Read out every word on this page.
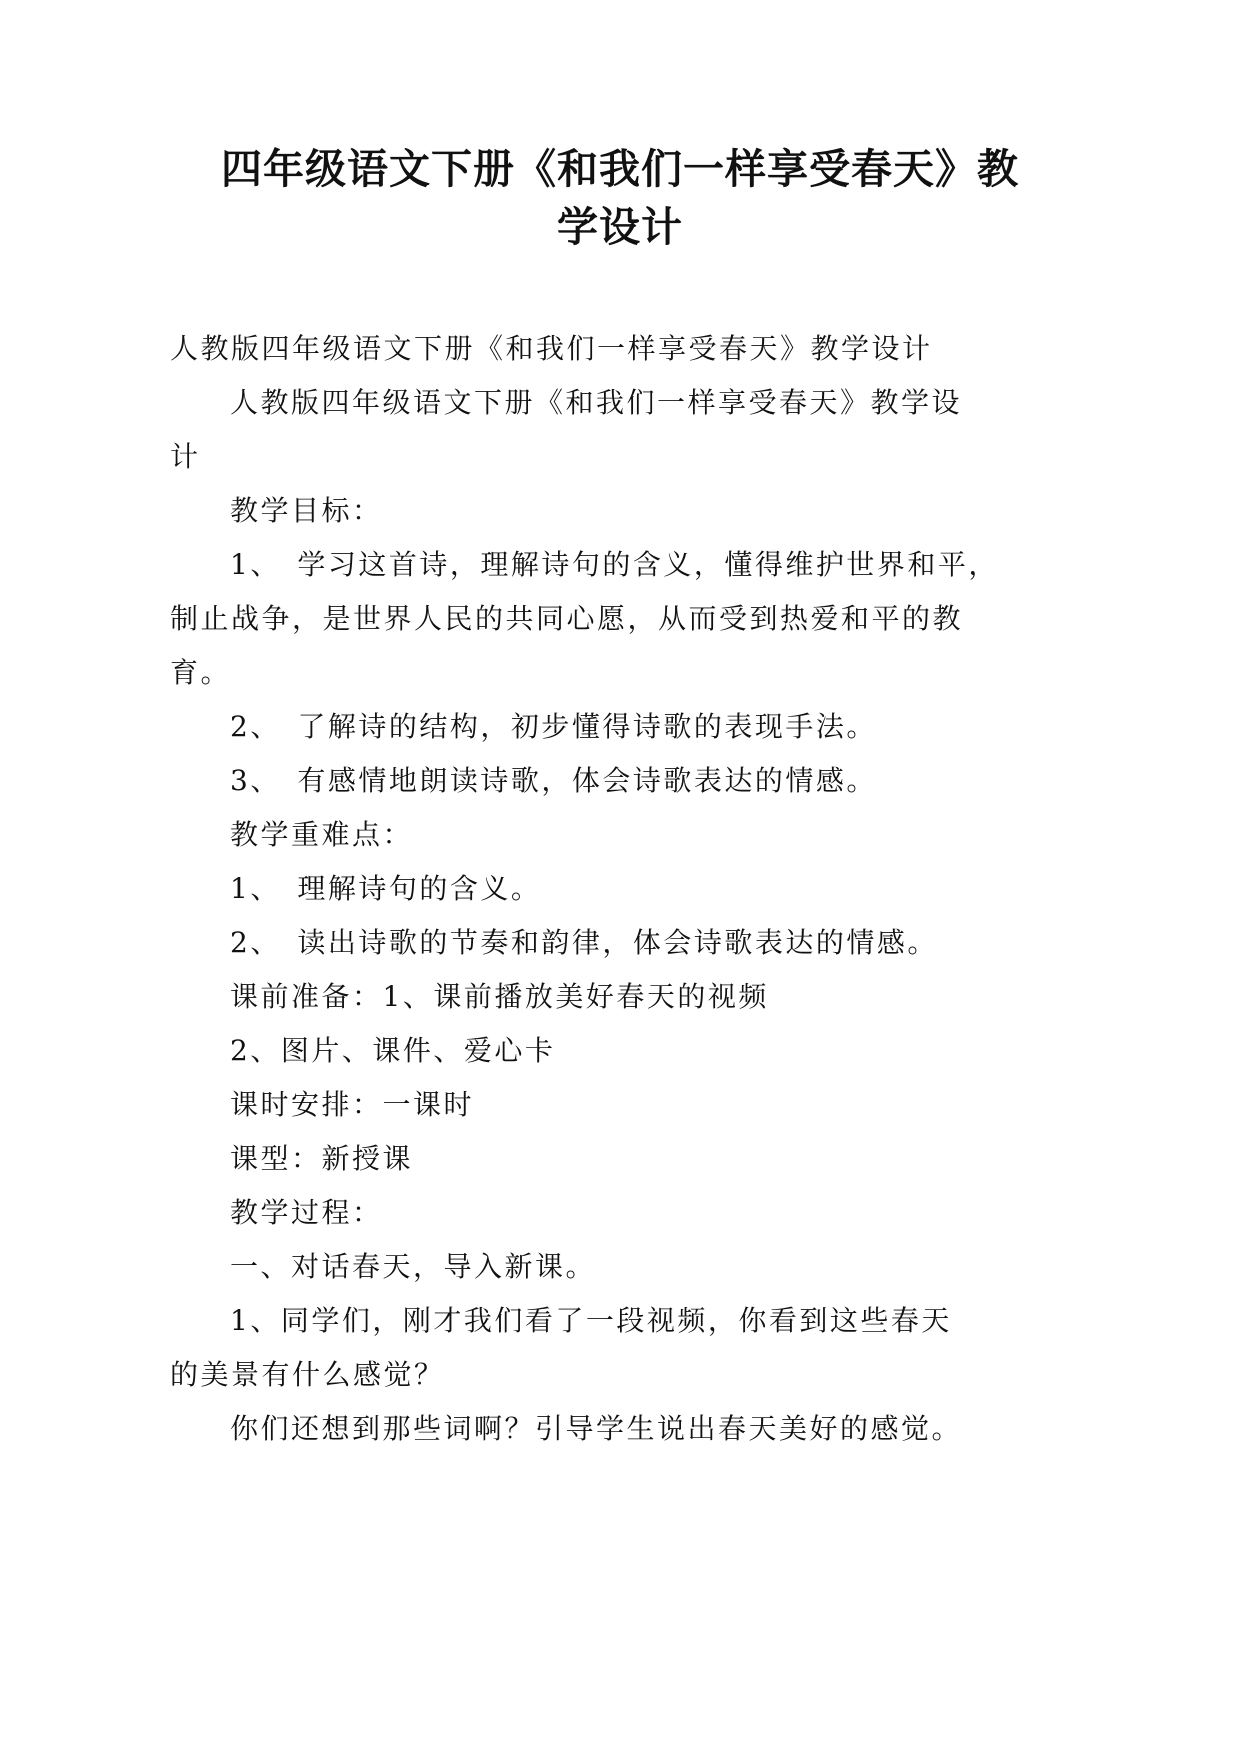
四年级语文下册《和我们一样享受春天》教
学设计

人教版四年级语文下册《和我们一样享受春天》教学设计

人教版四年级语文下册《和我们一样享受春天》教学设

计

教学目标：

1、　学习这首诗，理解诗句的含义，懂得维护世界和平，

制止战争，是世界人民的共同心愿，从而受到热爱和平的教

育。

2、　了解诗的结构，初步懂得诗歌的表现手法。

3、　有感情地朗读诗歌，体会诗歌表达的情感。

教学重难点：

1、　理解诗句的含义。

2、　读出诗歌的节奏和韵律，体会诗歌表达的情感。

课前准备：1、课前播放美好春天的视频

2、图片、课件、爱心卡

课时安排：一课时

课型：新授课

教学过程：

一、对话春天，导入新课。

1、同学们，刚才我们看了一段视频，你看到这些春天

的美景有什么感觉？

你们还想到那些词啊？引导学生说出春天美好的感觉。
